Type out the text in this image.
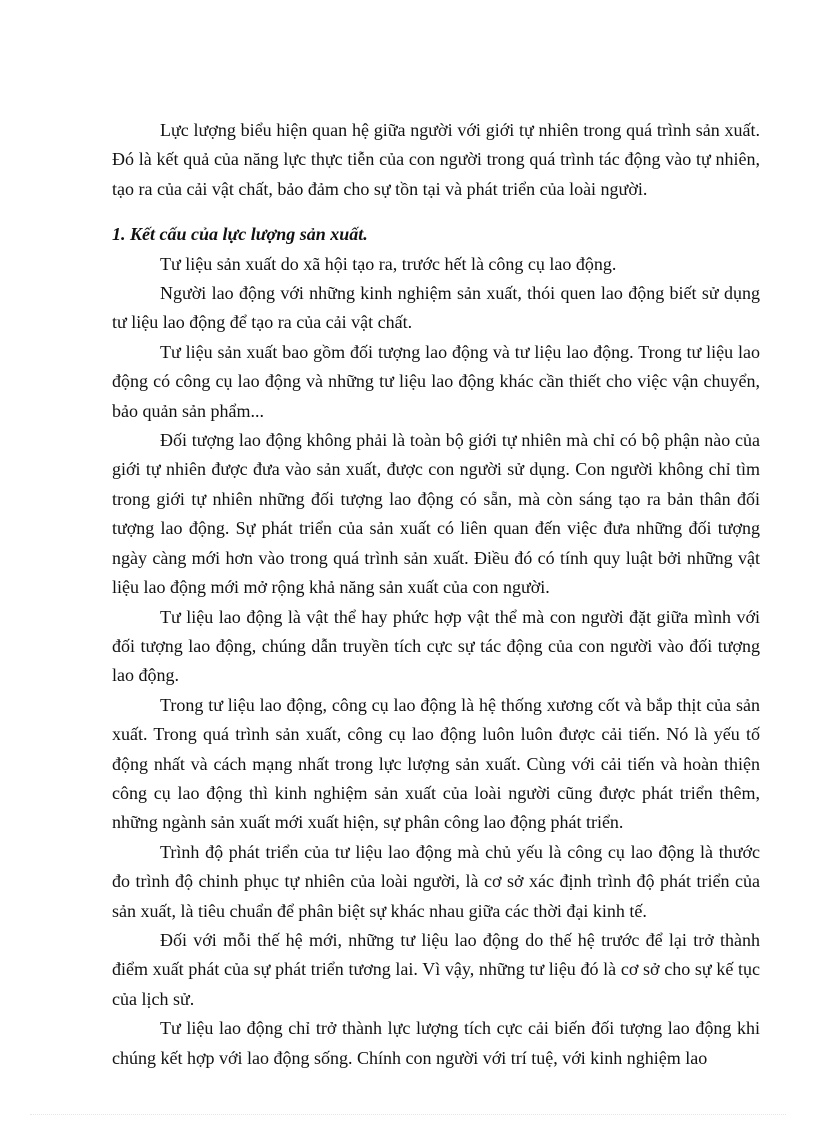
Lực lượng biểu hiện quan hệ giữa người với giới tự nhiên trong quá trình sản xuất. Đó là kết quả của năng lực thực tiễn của con người trong quá trình tác động vào tự nhiên, tạo ra của cải vật chất, bảo đảm cho sự tồn tại và phát triển của loài người.

1. Kết cấu của lực lượng sản xuất.

Tư liệu sản xuất do xã hội tạo ra, trước hết là công cụ lao động.

Người lao động với những kinh nghiệm sản xuất, thói quen lao động biết sử dụng tư liệu lao động để tạo ra của cải vật chất.

Tư liệu sản xuất bao gồm đối tượng lao động và tư liệu lao động. Trong tư liệu lao động có công cụ lao động và những tư liệu lao động khác cần thiết cho việc vận chuyển, bảo quản sản phẩm...

Đối tượng lao động không phải là toàn bộ giới tự nhiên mà chỉ có bộ phận nào của giới tự nhiên được đưa vào sản xuất, được con người sử dụng. Con người không chỉ tìm trong giới tự nhiên những đối tượng lao động có sẵn, mà còn sáng tạo ra bản thân đối tượng lao động. Sự phát triển của sản xuất có liên quan đến việc đưa những đối tượng ngày càng mới hơn vào trong quá trình sản xuất. Điều đó có tính quy luật bởi những vật liệu lao động mới mở rộng khả năng sản xuất của con người.

Tư liệu lao động là vật thể hay phức hợp vật thể mà con người đặt giữa mình với đối tượng lao động, chúng dẫn truyền tích cực sự tác động của con người vào đối tượng lao động.

Trong tư liệu lao động, công cụ lao động là hệ thống xương cốt và bắp thịt của sản xuất. Trong quá trình sản xuất, công cụ lao động luôn luôn được cải tiến. Nó là yếu tố động nhất và cách mạng nhất trong lực lượng sản xuất. Cùng với cải tiến và hoàn thiện công cụ lao động thì kinh nghiệm sản xuất của loài người cũng được phát triển thêm, những ngành sản xuất mới xuất hiện, sự phân công lao động phát triển.

Trình độ phát triển của tư liệu lao động mà chủ yếu là công cụ lao động là thước đo trình độ chinh phục tự nhiên của loài người, là cơ sở xác định trình độ phát triển của sản xuất, là tiêu chuẩn để phân biệt sự khác nhau giữa các thời đại kinh tế.

Đối với mỗi thế hệ mới, những tư liệu lao động do thế hệ trước để lại trở thành điểm xuất phát của sự phát triển tương lai. Vì vậy, những tư liệu đó là cơ sở cho sự kế tục của lịch sử.

Tư liệu lao động chỉ trở thành lực lượng tích cực cải biến đối tượng lao động khi chúng kết hợp với lao động sống. Chính con người với trí tuệ, với kinh nghiệm lao
